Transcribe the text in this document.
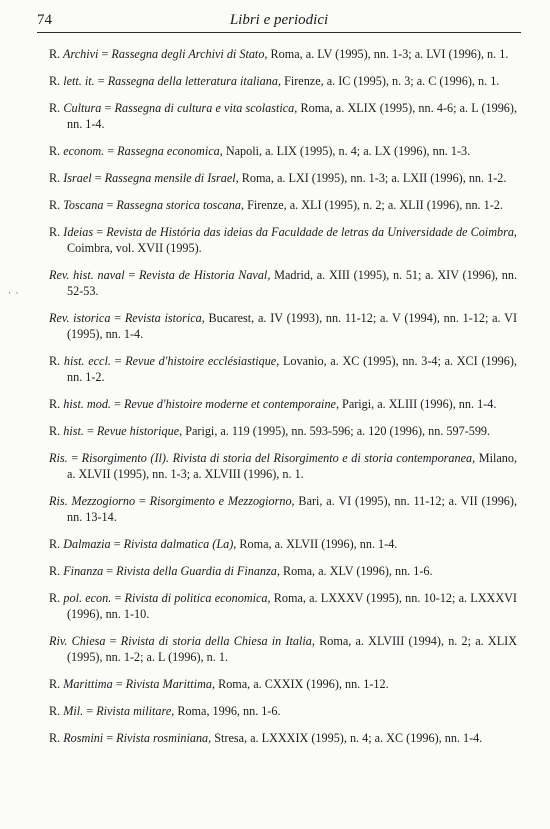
74	Libri e periodici
·  ·
R. Archivi = Rassegna degli Archivi di Stato, Roma, a. LV (1995), nn. 1-3; a. LVI (1996), n. 1.
R. lett. it. = Rassegna della letteratura italiana, Firenze, a. IC (1995), n. 3; a. C (1996), n. 1.
R. Cultura = Rassegna di cultura e vita scolastica, Roma, a. XLIX (1995), nn. 4-6; a. L (1996), nn. 1-4.
R. econom. = Rassegna economica, Napoli, a. LIX (1995), n. 4; a. LX (1996), nn. 1-3.
R. Israel = Rassegna mensile di Israel, Roma, a. LXI (1995), nn. 1-3; a. LXII (1996), nn. 1-2.
R. Toscana = Rassegna storica toscana, Firenze, a. XLI (1995), n. 2; a. XLII (1996), nn. 1-2.
R. Ideias = Revista de História das ideias da Faculdade de letras da Universidade de Coimbra, Coimbra, vol. XVII (1995).
Rev. hist. naval = Revista de Historia Naval, Madrid, a. XIII (1995), n. 51; a. XIV (1996), nn. 52-53.
Rev. istorica = Revista istorica, Bucarest, a. IV (1993), nn. 11-12; a. V (1994), nn. 1-12; a. VI (1995), nn. 1-4.
R. hist. eccl. = Revue d'histoire ecclésiastique, Lovanio, a. XC (1995), nn. 3-4; a. XCI (1996), nn. 1-2.
R. hist. mod. = Revue d'histoire moderne et contemporaine, Parigi, a. XLIII (1996), nn. 1-4.
R. hist. = Revue historique, Parigi, a. 119 (1995), nn. 593-596; a. 120 (1996), nn. 597-599.
Ris. = Risorgimento (Il). Rivista di storia del Risorgimento e di storia contemporanea, Milano, a. XLVII (1995), nn. 1-3; a. XLVIII (1996), n. 1.
Ris. Mezzogiorno = Risorgimento e Mezzogiorno, Bari, a. VI (1995), nn. 11-12; a. VII (1996), nn. 13-14.
R. Dalmazia = Rivista dalmatica (La), Roma, a. XLVII (1996), nn. 1-4.
R. Finanza = Rivista della Guardia di Finanza, Roma, a. XLV (1996), nn. 1-6.
R. pol. econ. = Rivista di politica economica, Roma, a. LXXXV (1995), nn. 10-12; a. LXXXVI (1996), nn. 1-10.
Riv. Chiesa = Rivista di storia della Chiesa in Italia, Roma, a. XLVIII (1994), n. 2; a. XLIX (1995), nn. 1-2; a. L (1996), n. 1.
R. Marittima = Rivista Marittima, Roma, a. CXXIX (1996), nn. 1-12.
R. Mil. = Rivista militare, Roma, 1996, nn. 1-6.
R. Rosmini = Rivista rosminiana, Stresa, a. LXXXIX (1995), n. 4; a. XC (1996), nn. 1-4.
